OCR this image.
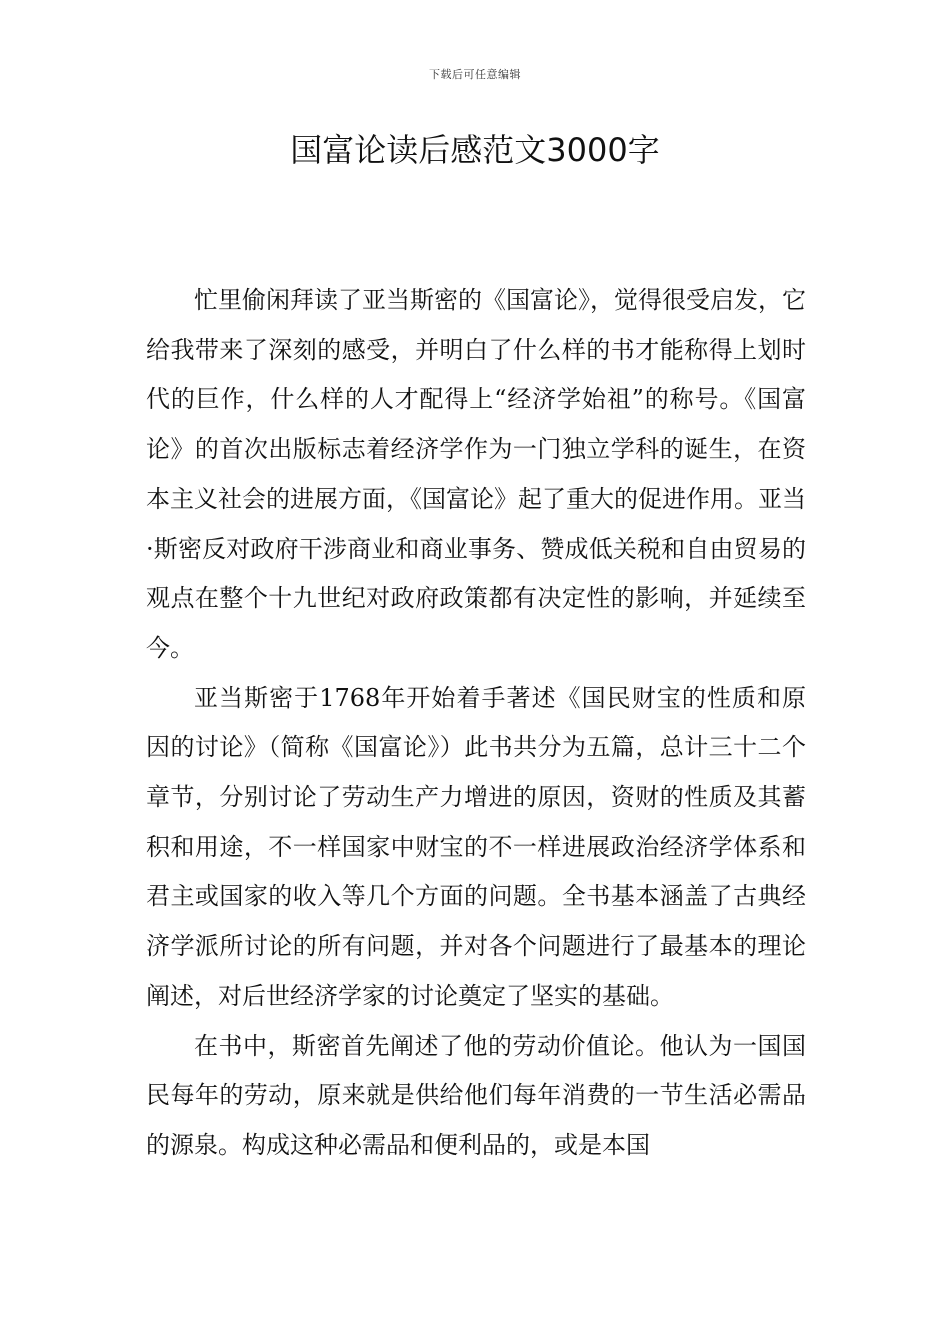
下载后可任意编辑
国富论读后感范文3000字

忙里偷闲拜读了亚当斯密的《国富论》，觉得很受启发，它给我带来了深刻的感受，并明白了什么样的书才能称得上划时代的巨作，什么样的人才配得上“经济学始祖”的称号。《国富论》的首次出版标志着经济学作为一门独立学科的诞生，在资本主义社会的进展方面，《国富论》起了重大的促进作用。亚当·斯密反对政府干涉商业和商业事务、赞成低关税和自由贸易的观点在整个十九世纪对政府政策都有决定性的影响，并延续至今。

亚当斯密于1768年开始着手著述《国民财宝的性质和原因的讨论》（简称《国富论》）此书共分为五篇，总计三十二个章节，分别讨论了劳动生产力增进的原因，资财的性质及其蓄积和用途，不一样国家中财宝的不一样进展政治经济学体系和君主或国家的收入等几个方面的问题。全书基本涵盖了古典经济学派所讨论的所有问题，并对各个问题进行了最基本的理论阐述，对后世经济学家的讨论奠定了坚实的基础。

在书中，斯密首先阐述了他的劳动价值论。他认为一国国民每年的劳动，原来就是供给他们每年消费的一节生活必需品的源泉。构成这种必需品和便利品的，或是本国
